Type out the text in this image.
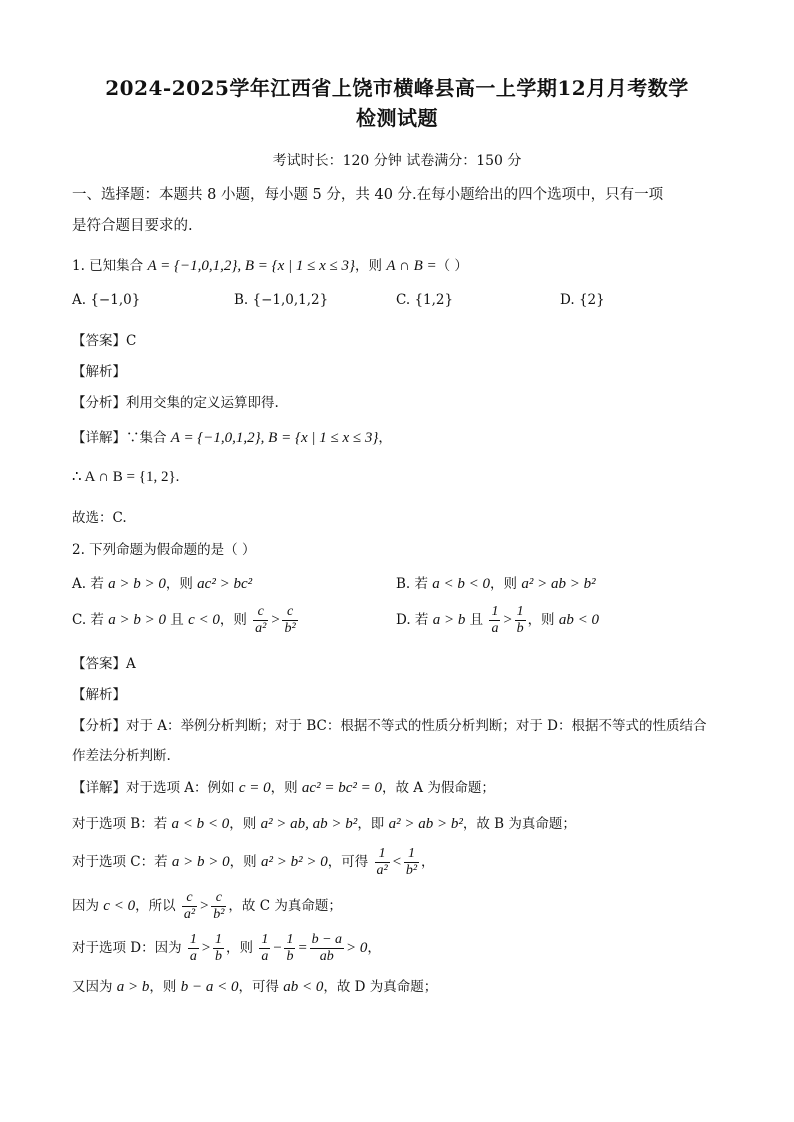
2024-2025学年江西省上饶市横峰县高一上学期12月月考数学
检测试题
考试时长：120 分钟 试卷满分：150 分
一、选择题：本题共 8 小题，每小题 5 分，共 40 分.在每小题给出的四个选项中，只有一项
是符合题目要求的.
1. 已知集合 A = {−1,0,1,2}, B = {x | 1 ≤ x ≤ 3}，则 A ∩ B =（ ）
A. {−1,0}	B. {−1,0,1,2}	C. {1,2}	D. {2}
【答案】C
【解析】
【分析】利用交集的定义运算即得.
【详解】∵集合 A = {−1,0,1,2}, B = {x | 1 ≤ x ≤ 3}，
∴ A ∩ B = {1, 2}.
故选：C.
2. 下列命题为假命题的是（ ）
A. 若 a > b > 0，则 ac² > bc²	B. 若 a < b < 0，则 a² > ab > b²
C. 若 a > b > 0 且 c < 0，则 $\frac{c}{\text{a²}} > \frac{c}{\text{b²}}$	D. 若 a > b 且 $\frac{1}{a} > \frac{1}{b}$ ，则 ab < 0
【答案】A
【解析】
【分析】对于 A：举例分析判断；对于 BC：根据不等式的性质分析判断；对于 D：根据不等式的性质结合
作差法分析判断.
【详解】对于选项 A：例如 c = 0，则 ac² = bc² = 0，故 A 为假命题；
对于选项 B：若 a < b < 0，则 a² > ab, ab > b²，即 a² > ab > b²，故 B 为真命题；
对于选项 C：若 a > b > 0，则 a² > b² > 0，可得 $\frac{1}{\text{a²}} < \frac{1}{\text{b²}}$ ，
因为 c < 0，所以 $\frac{c}{\text{a²}} > \frac{c}{\text{b²}}$ ，故 C 为真命题；
对于选项 D：因为 $\frac{1}{a} > \frac{1}{b}$ ，则 $\frac{1}{a} - \frac{1}{b} = \frac{b - a}{ab} > 0$，
又因为 a > b，则 b − a < 0，可得 ab < 0，故 D 为真命题；
